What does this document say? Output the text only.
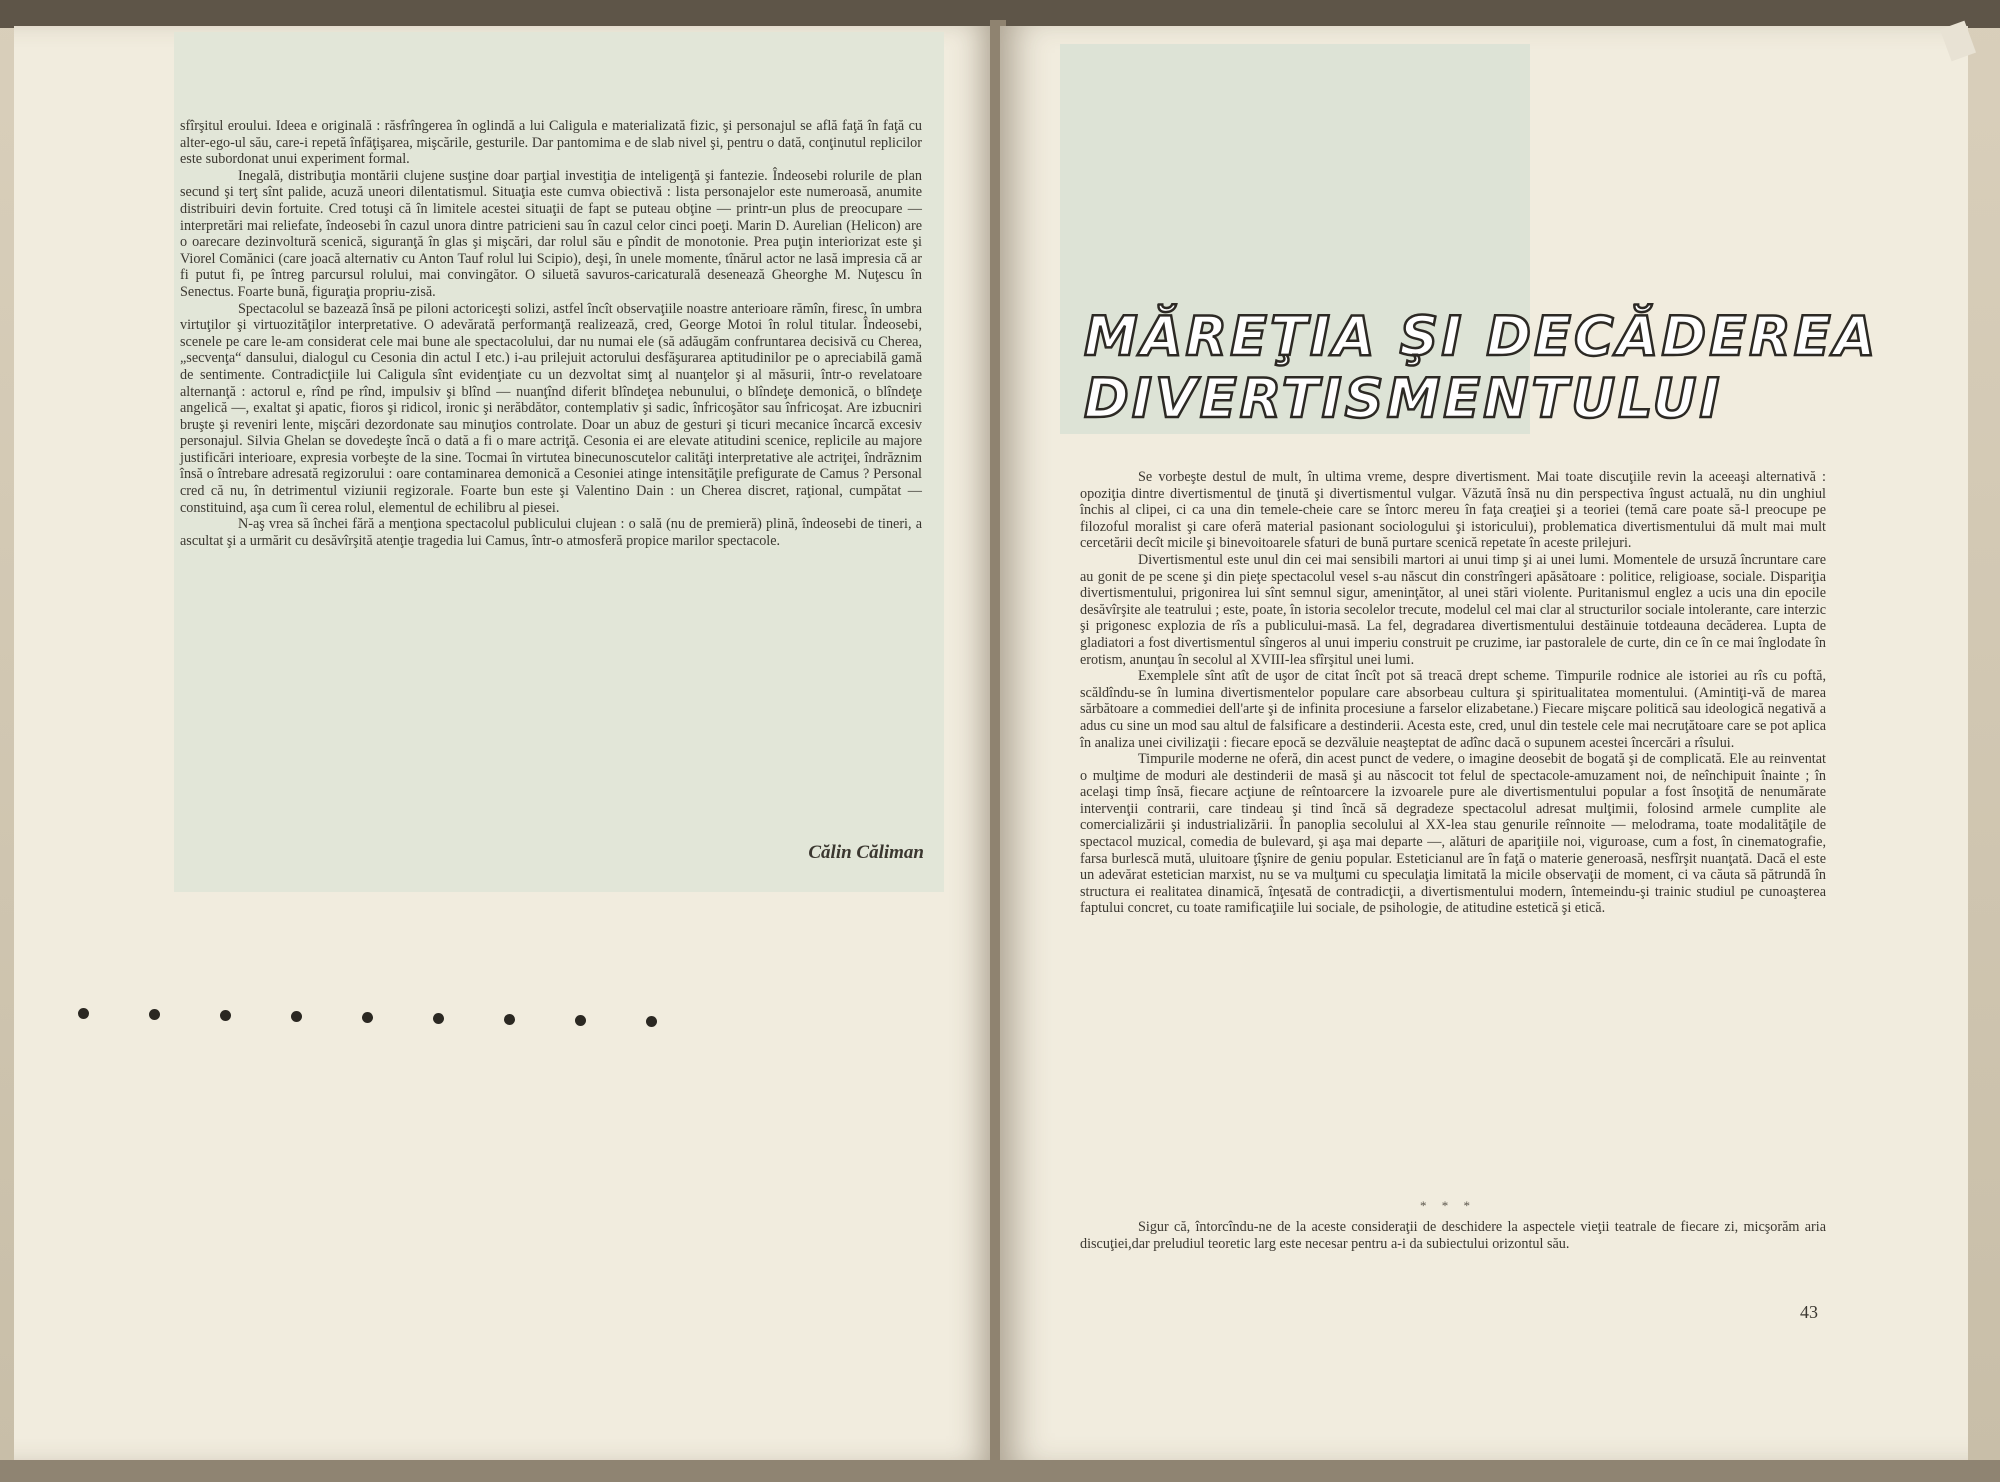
sfîrşitul eroului. Ideea e originală : răsfrîngerea în oglindă a lui Caligula e materializată fizic, şi personajul se află faţă în faţă cu alter-ego-ul său, care-i repetă înfăţişarea, mişcările, gesturile. Dar pantomima e de slab nivel şi, pentru o dată, conţinutul replicilor este subordonat unui experiment formal.

Inegală, distribuţia montării clujene susţine doar parţial investiţia de inteligenţă şi fantezie. Îndeosebi rolurile de plan secund şi terţ sînt palide, acuză uneori dilentatismul. Situaţia este cumva obiectivă : lista personajelor este numeroasă, anumite distribuiri devin fortuite. Cred totuşi că în limitele acestei situaţii de fapt se puteau obţine — printr-un plus de preocupare — interpretări mai reliefate, îndeosebi în cazul unora dintre patricieni sau în cazul celor cinci poeţi. Marin D. Aurelian (Helicon) are o oarecare dezinvoltură scenică, siguranţă în glas şi mişcări, dar rolul său e pîndit de monotonie. Prea puţin interiorizat este şi Viorel Comănici (care joacă alternativ cu Anton Tauf rolul lui Scipio), deşi, în unele momente, tînărul actor ne lasă impresia că ar fi putut fi, pe întreg parcursul rolului, mai convingător. O siluetă savuros-caricaturală desenează Gheorghe M. Nuţescu în Senectus. Foarte bună, figuraţia propriu-zisă.

Spectacolul se bazează însă pe piloni actoriceşti solizi, astfel încît observaţiile noastre anterioare rămîn, firesc, în umbra virtuţilor şi virtuozităţilor interpretative. O adevărată performanţă realizează, cred, George Motoi în rolul titular. Îndeosebi, scenele pe care le-am considerat cele mai bune ale spectacolului, dar nu numai ele (să adăugăm confruntarea decisivă cu Cherea, „secvenţa“ dansului, dialogul cu Cesonia din actul I etc.) i-au prilejuit actorului desfăşurarea aptitudinilor pe o apreciabilă gamă de sentimente. Contradicţiile lui Caligula sînt evidenţiate cu un dezvoltat simţ al nuanţelor şi al măsurii, într-o revelatoare alternanţă : actorul e, rînd pe rînd, impulsiv şi blînd — nuanţînd diferit blîndeţea nebunului, o blîndeţe demonică, o blîndeţe angelică —, exaltat şi apatic, fioros şi ridicol, ironic şi nerăbdător, contemplativ şi sadic, înfricoşător sau înfricoşat. Are izbucniri bruşte şi reveniri lente, mişcări dezordonate sau minuţios controlate. Doar un abuz de gesturi şi ticuri mecanice încarcă excesiv personajul. Silvia Ghelan se dovedeşte încă o dată a fi o mare actriţă. Cesonia ei are elevate atitudini scenice, replicile au majore justificări interioare, expresia vorbeşte de la sine. Tocmai în virtutea binecunoscutelor calităţi interpretative ale actriţei, îndrăznim însă o întrebare adresată regizorului : oare contaminarea demonică a Cesoniei atinge intensităţile prefigurate de Camus ? Personal cred că nu, în detrimentul viziunii regizorale. Foarte bun este şi Valentino Dain : un Cherea discret, raţional, cumpătat — constituind, aşa cum îi cerea rolul, elementul de echilibru al piesei.

N-aş vrea să închei fără a menţiona spectacolul publicului clujean : o sală (nu de premieră) plină, îndeosebi de tineri, a ascultat şi a urmărit cu desăvîrşită atenţie tragedia lui Camus, într-o atmosferă propice marilor spectacole.

Călin Căliman
MĂREŢIA ŞI DECĂDEREA
DIVERTISMENTULUI

Se vorbeşte destul de mult, în ultima vreme, despre divertisment. Mai toate discuţiile revin la aceeaşi alternativă : opoziţia dintre divertismentul de ţinută şi divertismentul vulgar. Văzută însă nu din perspectiva îngust actuală, nu din unghiul închis al clipei, ci ca una din temele-cheie care se întorc mereu în faţa creaţiei şi a teoriei (temă care poate să-l preocupe pe filozoful moralist şi care oferă material pasionant sociologului şi istoricului), problematica divertismentului dă mult mai mult cercetării decît micile şi binevoitoarele sfaturi de bună purtare scenică repetate în aceste prilejuri.

Divertismentul este unul din cei mai sensibili martori ai unui timp şi ai unei lumi. Momentele de ursuză încruntare care au gonit de pe scene şi din pieţe spectacolul vesel s-au născut din constrîngeri apăsătoare : politice, religioase, sociale. Dispariţia divertismentului, prigonirea lui sînt semnul sigur, ameninţător, al unei stări violente. Puritanismul englez a ucis una din epocile desăvîrşite ale teatrului ; este, poate, în istoria secolelor trecute, modelul cel mai clar al structurilor sociale intolerante, care interzic şi prigonesc explozia de rîs a publicului-masă. La fel, degradarea divertismentului destăinuie totdeauna decăderea. Lupta de gladiatori a fost divertismentul sîngeros al unui imperiu construit pe cruzime, iar pastoralele de curte, din ce în ce mai înglodate în erotism, anunţau în secolul al XVIII-lea sfîrşitul unei lumi.

Exemplele sînt atît de uşor de citat încît pot să treacă drept scheme. Timpurile rodnice ale istoriei au rîs cu poftă, scăldîndu-se în lumina divertismentelor populare care absorbeau cultura şi spiritualitatea momentului. (Amintiţi-vă de marea sărbătoare a commediei dell'arte şi de infinita procesiune a farselor elizabetane.) Fiecare mişcare politică sau ideologică negativă a adus cu sine un mod sau altul de falsificare a destinderii. Acesta este, cred, unul din testele cele mai necruţătoare care se pot aplica în analiza unei civilizaţii : fiecare epocă se dezvăluie neaşteptat de adînc dacă o supunem acestei încercări a rîsului.

Timpurile moderne ne oferă, din acest punct de vedere, o imagine deosebit de bogată şi de complicată. Ele au reinventat o mulţime de moduri ale destinderii de masă şi au născocit tot felul de spectacole-amuzament noi, de neînchipuit înainte ; în acelaşi timp însă, fiecare acţiune de reîntoarcere la izvoarele pure ale divertismentului popular a fost însoţită de nenumărate intervenţii contrarii, care tindeau şi tind încă să degradeze spectacolul adresat mulţimii, folosind armele cumplite ale comercializării şi industrializării. În panoplia secolului al XX-lea stau genurile reînnoite — melodrama, toate modalităţile de spectacol muzical, comedia de bulevard, şi aşa mai departe —, alături de apariţiile noi, viguroase, cum a fost, în cinematografie, farsa burlescă mută, uluitoare ţîşnire de geniu popular. Esteticianul are în faţă o materie generoasă, nesfîrşit nuanţată. Dacă el este un adevărat estetician marxist, nu se va mulţumi cu speculaţia limitată la micile observaţii de moment, ci va căuta să pătrundă în structura ei realitatea dinamică, înţesată de contradicţii, a divertismentului modern, întemeindu-şi trainic studiul pe cunoaşterea faptului concret, cu toate ramificaţiile lui sociale, de psihologie, de atitudine estetică şi etică.

* * *

Sigur că, întorcîndu-ne de la aceste consideraţii de deschidere la aspectele vieţii teatrale de fiecare zi, micşorăm aria discuţiei,dar preludiul teoretic larg este necesar pentru a-i da subiectului orizontul său.

43
